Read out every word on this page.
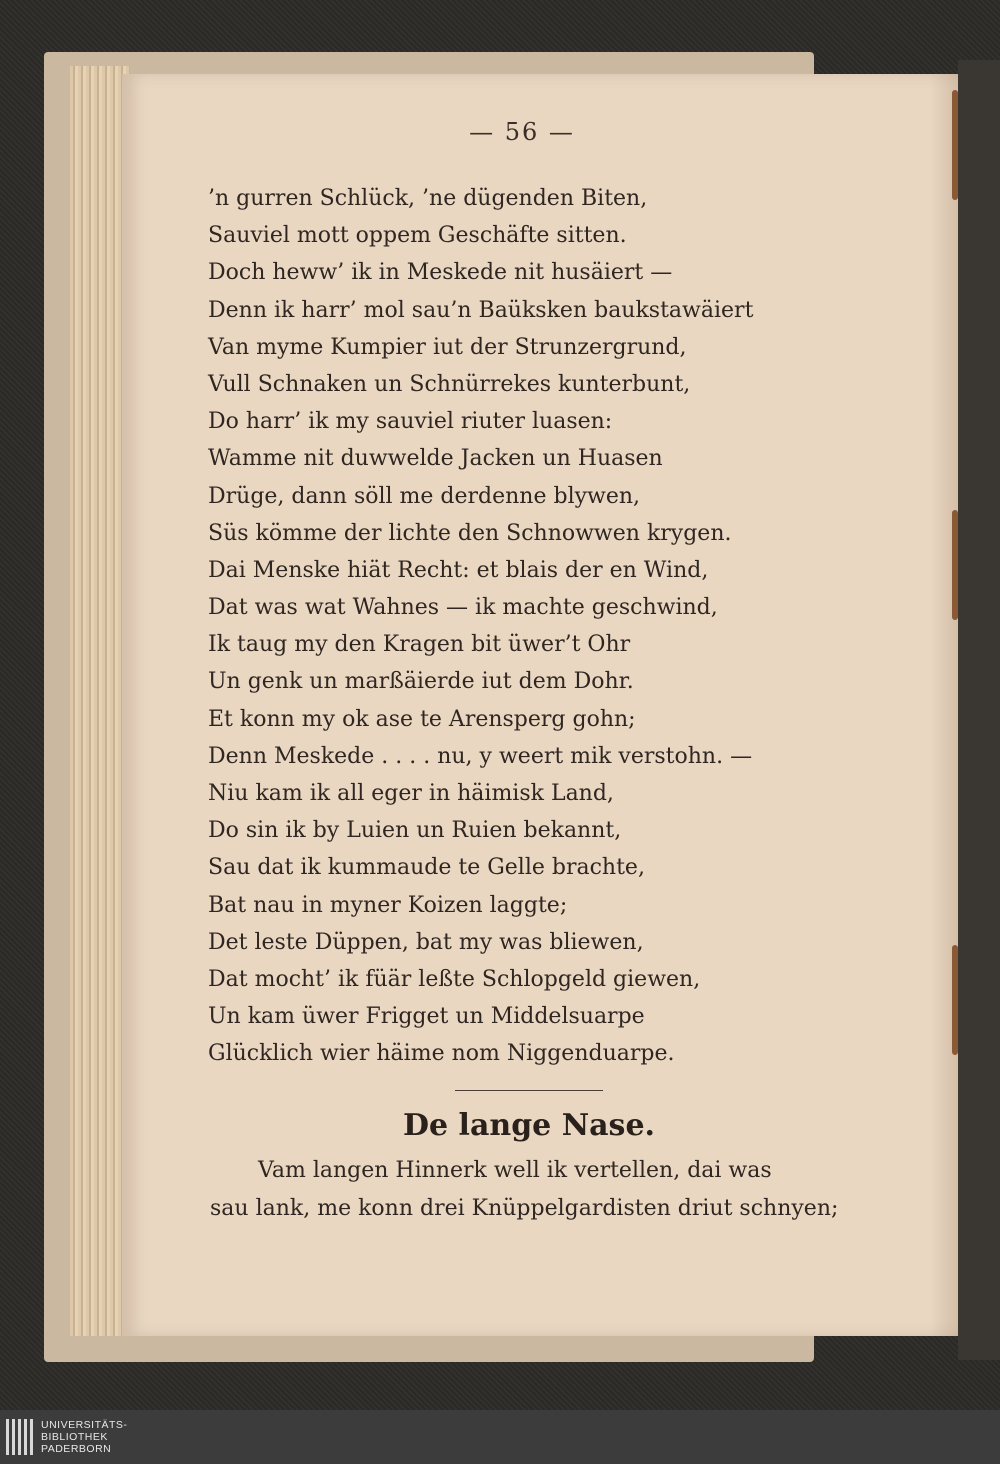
— 56 —
’n gurren Schlück, ’ne dügenden Biten,
Sauviel mott oppem Geschäfte sitten.
Doch heww’ ik in Meskede nit husäiert —
Denn ik harr’ mol sau’n Baüksken baukstawäiert
Van myme Kumpier iut der Strunzergrund,
Vull Schnaken un Schnürrekes kunterbunt,
Do harr’ ik my sauviel riuter luasen:
Wamme nit duwwelde Jacken un Huasen
Drüge, dann söll me derdenne blywen,
Süs kömme der lichte den Schnowwen krygen.
Dai Menske hiät Recht: et blais der en Wind,
Dat was wat Wahnes — ik machte geschwind,
Ik taug my den Kragen bit üwer’t Ohr
Un genk un marßäierde iut dem Dohr.
Et konn my ok ase te Arensperg gohn;
Denn Meskede . . . . nu, y weert mik verstohn. —
Niu kam ik all eger in häimisk Land,
Do sin ik by Luien un Ruien bekannt,
Sau dat ik kummaude te Gelle brachte,
Bat nau in myner Koizen laggte;
Det leste Düppen, bat my was bliewen,
Dat mocht’ ik füär leßte Schlopgeld giewen,
Un kam üwer Frigget un Middelsuarpe
Glücklich wier häime nom Niggenduarpe.
De lange Nase.
Vam langen Hinnerk well ik vertellen, dai was
sau lank, me konn drei Knüppelgardisten driut schnyen;
UNIVERSITÄTS-
BIBLIOTHEK
PADERBORN
